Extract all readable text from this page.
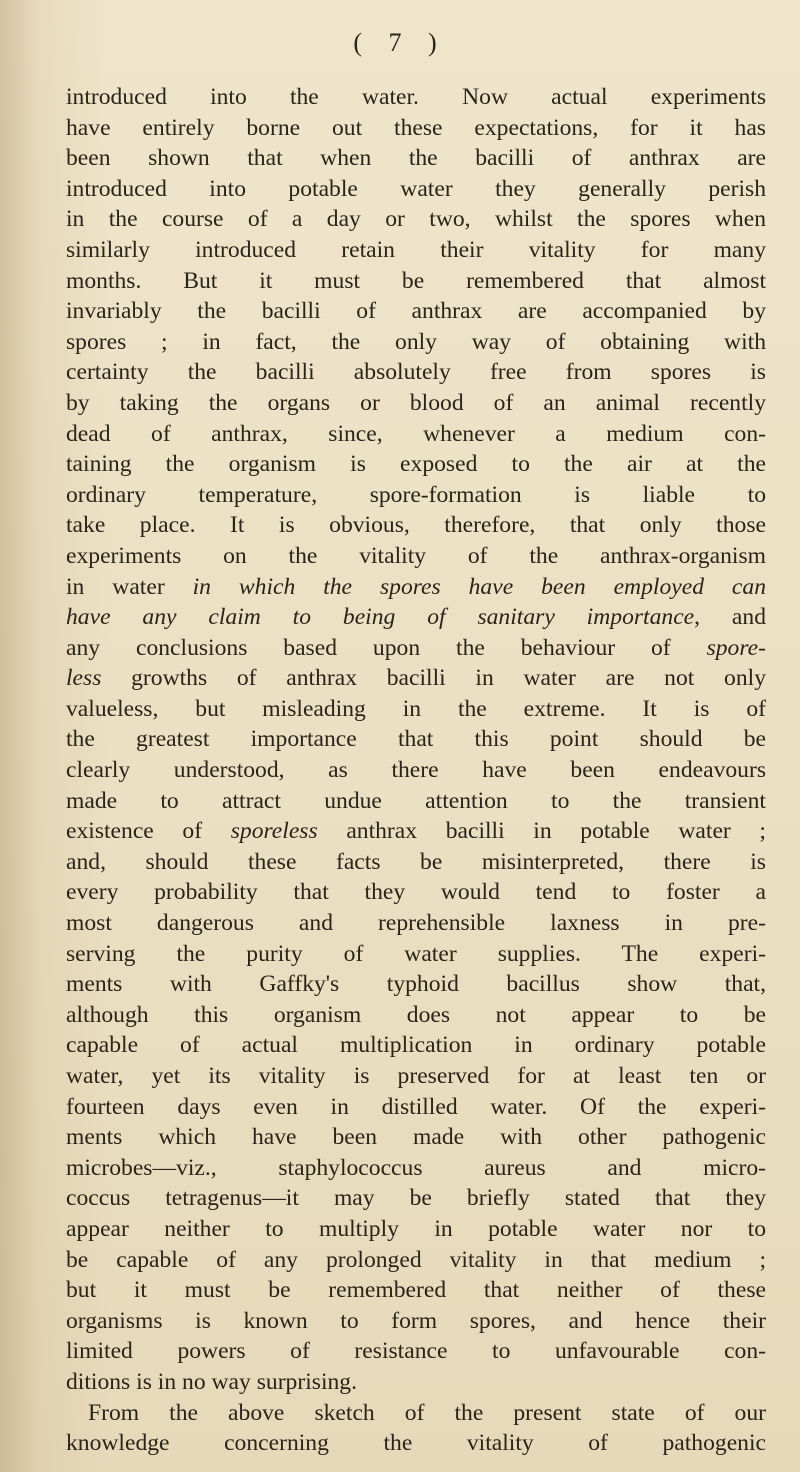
( 7 )

introduced into the water. Now actual experiments
have entirely borne out these expectations, for it has
been shown that when the bacilli of anthrax are
introduced into potable water they generally perish
in the course of a day or two, whilst the spores when
similarly introduced retain their vitality for many
months. But it must be remembered that almost
invariably the bacilli of anthrax are accompanied by
spores ; in fact, the only way of obtaining with
certainty the bacilli absolutely free from spores is
by taking the organs or blood of an animal recently
dead of anthrax, since, whenever a medium con-
taining the organism is exposed to the air at the
ordinary temperature, spore-formation is liable to
take place. It is obvious, therefore, that only those
experiments on the vitality of the anthrax-organism
in water in which the spores have been employed can
have any claim to being of sanitary importance, and
any conclusions based upon the behaviour of spore-
less growths of anthrax bacilli in water are not only
valueless, but misleading in the extreme. It is of
the greatest importance that this point should be
clearly understood, as there have been endeavours
made to attract undue attention to the transient
existence of sporeless anthrax bacilli in potable water ;
and, should these facts be misinterpreted, there is
every probability that they would tend to foster a
most dangerous and reprehensible laxness in pre-
serving the purity of water supplies. The experi-
ments with Gaffky's typhoid bacillus show that,
although this organism does not appear to be
capable of actual multiplication in ordinary potable
water, yet its vitality is preserved for at least ten or
fourteen days even in distilled water. Of the experi-
ments which have been made with other pathogenic
microbes—viz., staphylococcus aureus and micro-
coccus tetragenus—it may be briefly stated that they
appear neither to multiply in potable water nor to
be capable of any prolonged vitality in that medium ;
but it must be remembered that neither of these
organisms is known to form spores, and hence their
limited powers of resistance to unfavourable con-
ditions is in no way surprising.
From the above sketch of the present state of our
knowledge concerning the vitality of pathogenic
